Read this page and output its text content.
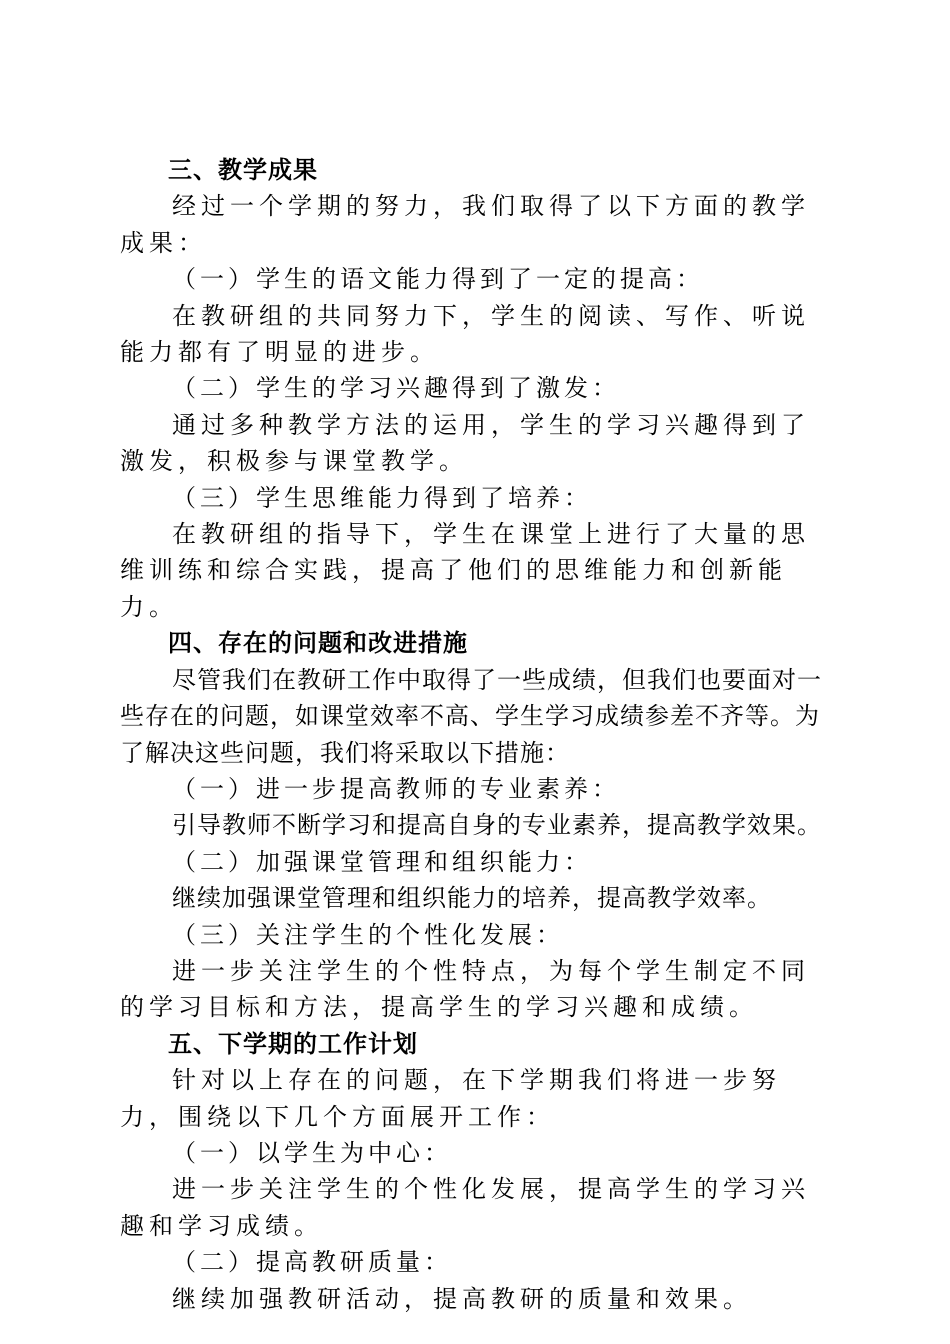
三、教学成果

经过一个学期的努力，我们取得了以下方面的教学成果：

（一）学生的语文能力得到了一定的提高：

在教研组的共同努力下，学生的阅读、写作、听说能力都有了明显的进步。

（二）学生的学习兴趣得到了激发：

通过多种教学方法的运用，学生的学习兴趣得到了激发，积极参与课堂教学。

（三）学生思维能力得到了培养：

在教研组的指导下，学生在课堂上进行了大量的思维训练和综合实践，提高了他们的思维能力和创新能力。

四、存在的问题和改进措施

尽管我们在教研工作中取得了一些成绩，但我们也要面对一些存在的问题，如课堂效率不高、学生学习成绩参差不齐等。为了解决这些问题，我们将采取以下措施：

（一）进一步提高教师的专业素养：

引导教师不断学习和提高自身的专业素养，提高教学效果。

（二）加强课堂管理和组织能力：

继续加强课堂管理和组织能力的培养，提高教学效率。

（三）关注学生的个性化发展：

进一步关注学生的个性特点，为每个学生制定不同的学习目标和方法，提高学生的学习兴趣和成绩。

五、下学期的工作计划

针对以上存在的问题，在下学期我们将进一步努力，围绕以下几个方面展开工作：

（一）以学生为中心：

进一步关注学生的个性化发展，提高学生的学习兴趣和学习成绩。

（二）提高教研质量：

继续加强教研活动，提高教研的质量和效果。
